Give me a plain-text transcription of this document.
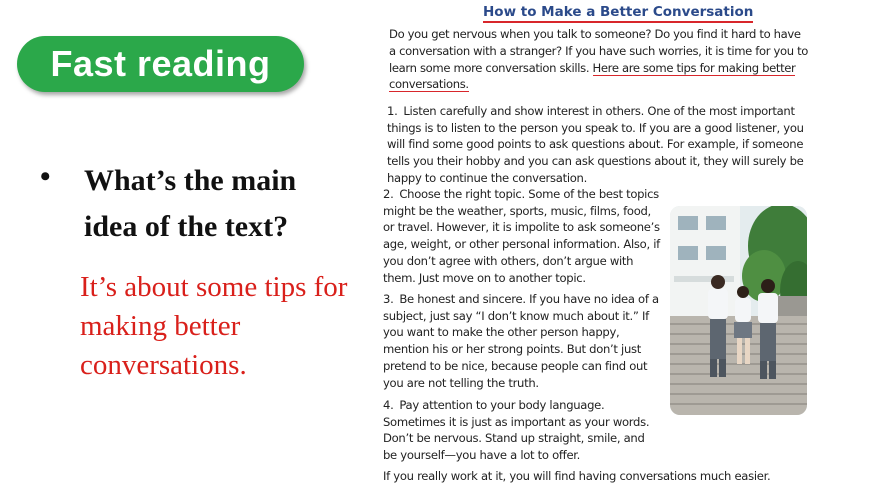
Fast reading
• What’s the main idea of the text?
It’s about some tips for making better conversations.
How to Make a Better Conversation
Do you get nervous when you talk to someone? Do you find it hard to have a conversation with a stranger? If you have such worries, it is time for you to learn some more conversation skills. Here are some tips for making better conversations.
1. Listen carefully and show interest in others. One of the most important things is to listen to the person you speak to. If you are a good listener, you will find some good points to ask questions about. For example, if someone tells you their hobby and you can ask questions about it, they will surely be happy to continue the conversation.
2. Choose the right topic. Some of the best topics might be the weather, sports, music, films, food, or travel. However, it is impolite to ask someone’s age, weight, or other personal information. Also, if you don’t agree with others, don’t argue with them. Just move on to another topic.
3. Be honest and sincere. If you have no idea of a subject, just say “I don’t know much about it.” If you want to make the other person happy, mention his or her strong points. But don’t just pretend to be nice, because people can find out you are not telling the truth.
4. Pay attention to your body language. Sometimes it is just as important as your words. Don’t be nervous. Stand up straight, smile, and be yourself—you have a lot to offer.
If you really work at it, you will find having conversations much easier.
